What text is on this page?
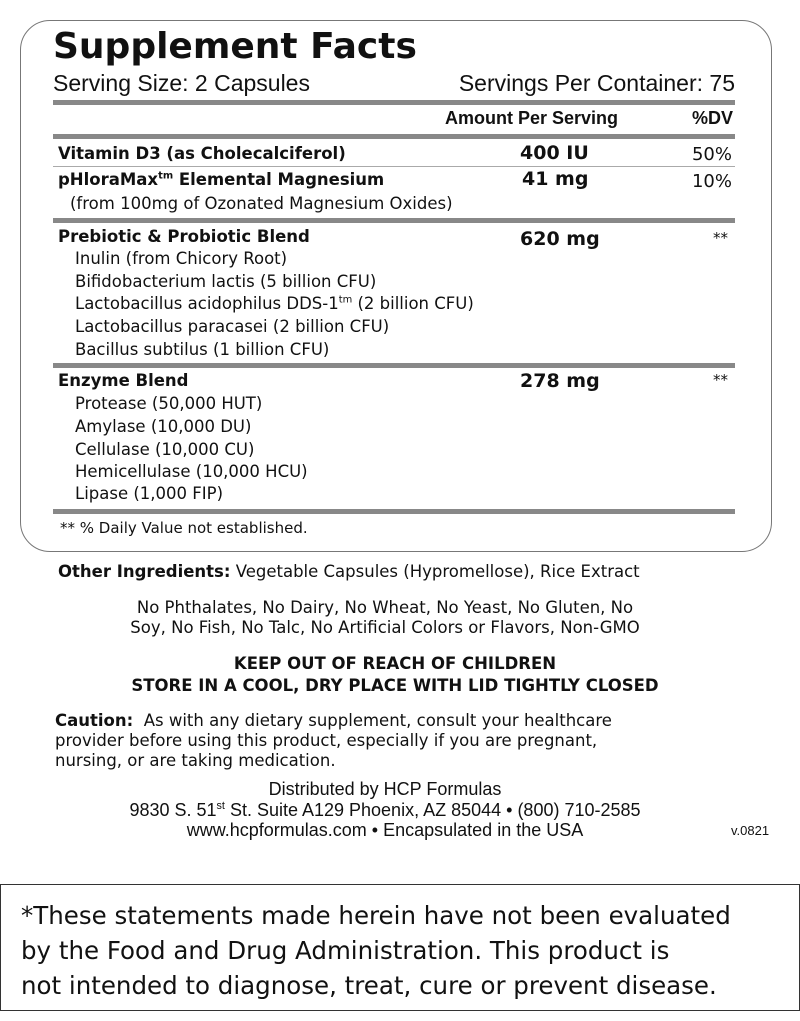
Supplement Facts
Serving Size: 2 Capsules	Servings Per Container: 75
Amount Per Serving	%DV
Vitamin D3 (as Cholecalciferol)	400 IU	50%
pHloraMax$^{tm}$ Elemental Magnesium	41 mg	10%
(from 100mg of Ozonated Magnesium Oxides)
Prebiotic & Probiotic Blend	620 mg	**
Inulin (from Chicory Root)
Bifidobacterium lactis (5 billion CFU)
Lactobacillus acidophilus DDS-$1^{tm}$ (2 billion CFU)
Lactobacillus paracasei (2 billion CFU)
Bacillus subtilus (1 billion CFU)
Enzyme Blend	278 mg	**
Protease (50,000 HUT)
Amylase (10,000 DU)
Cellulase (10,000 CU)
Hemicellulase (10,000 HCU)
Lipase (1,000 FIP)
** % Daily Value not established.
Other Ingredients: Vegetable Capsules (Hypromellose), Rice Extract
No Phthalates, No Dairy, No Wheat, No Yeast, No Gluten, No
Soy, No Fish, No Talc, No Artificial Colors or Flavors, Non-GMO
KEEP OUT OF REACH OF CHILDREN
STORE IN A COOL, DRY PLACE WITH LID TIGHTLY CLOSED
Caution:  As with any dietary supplement, consult your healthcare
provider before using this product, especially if you are pregnant,
nursing, or are taking medication.
Distributed by HCP Formulas
9830 S. 51st St. Suite A129 Phoenix, AZ 85044 • (800) 710-2585
www.hcpformulas.com • Encapsulated in the USA	v.0821
*These statements made herein have not been evaluated
by the Food and Drug Administration. This product is
not intended to diagnose, treat, cure or prevent disease.
